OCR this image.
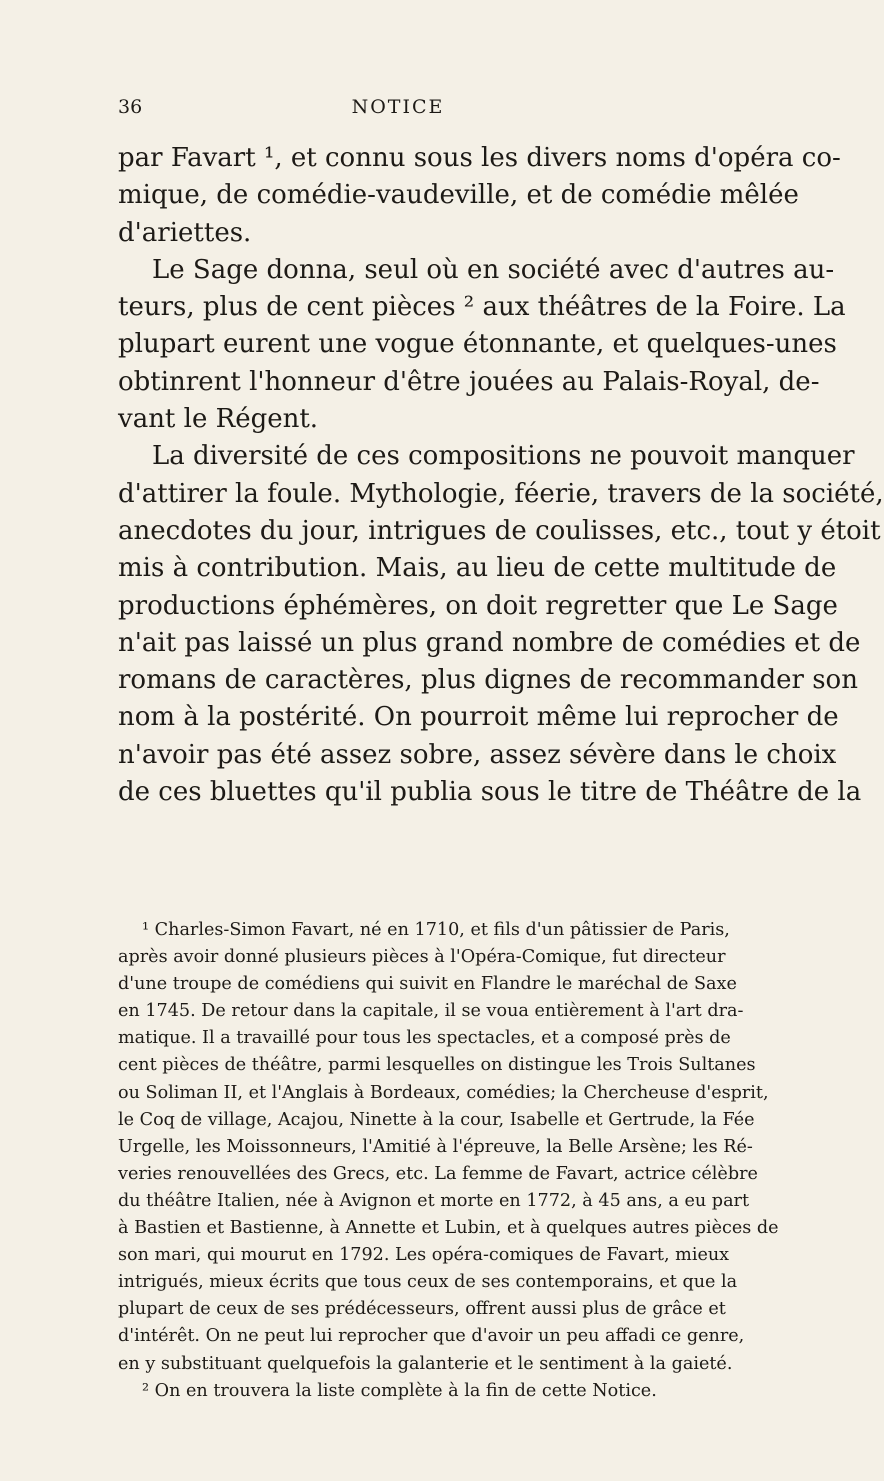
36	NOTICE
par Favart ¹, et connu sous les divers noms d'opéra co-
mique, de comédie-vaudeville, et de comédie mêlée
d'ariettes.
Le Sage donna, seul où en société avec d'autres au-
teurs, plus de cent pièces ² aux théâtres de la Foire. La
plupart eurent une vogue étonnante, et quelques-unes
obtinrent l'honneur d'être jouées au Palais-Royal, de-
vant le Régent.
La diversité de ces compositions ne pouvoit manquer
d'attirer la foule. Mythologie, féerie, travers de la société,
anecdotes du jour, intrigues de coulisses, etc., tout y étoit
mis à contribution. Mais, au lieu de cette multitude de
productions éphémères, on doit regretter que Le Sage
n'ait pas laissé un plus grand nombre de comédies et de
romans de caractères, plus dignes de recommander son
nom à la postérité. On pourroit même lui reprocher de
n'avoir pas été assez sobre, assez sévère dans le choix
de ces bluettes qu'il publia sous le titre de Théâtre de la
¹ Charles-Simon Favart, né en 1710, et fils d'un pâtissier de Paris,
après avoir donné plusieurs pièces à l'Opéra-Comique, fut directeur
d'une troupe de comédiens qui suivit en Flandre le maréchal de Saxe
en 1745. De retour dans la capitale, il se voua entièrement à l'art dra-
matique. Il a travaillé pour tous les spectacles, et a composé près de
cent pièces de théâtre, parmi lesquelles on distingue les Trois Sultanes
ou Soliman II, et l'Anglais à Bordeaux, comédies; la Chercheuse d'esprit,
le Coq de village, Acajou, Ninette à la cour, Isabelle et Gertrude, la Fée
Urgelle, les Moissonneurs, l'Amitié à l'épreuve, la Belle Arsène; les Ré-
veries renouvellées des Grecs, etc. La femme de Favart, actrice célèbre
du théâtre Italien, née à Avignon et morte en 1772, à 45 ans, a eu part
à Bastien et Bastienne, à Annette et Lubin, et à quelques autres pièces de
son mari, qui mourut en 1792. Les opéra-comiques de Favart, mieux
intrigués, mieux écrits que tous ceux de ses contemporains, et que la
plupart de ceux de ses prédécesseurs, offrent aussi plus de grâce et
d'intérêt. On ne peut lui reprocher que d'avoir un peu affadi ce genre,
en y substituant quelquefois la galanterie et le sentiment à la gaieté.
² On en trouvera la liste complète à la fin de cette Notice.
